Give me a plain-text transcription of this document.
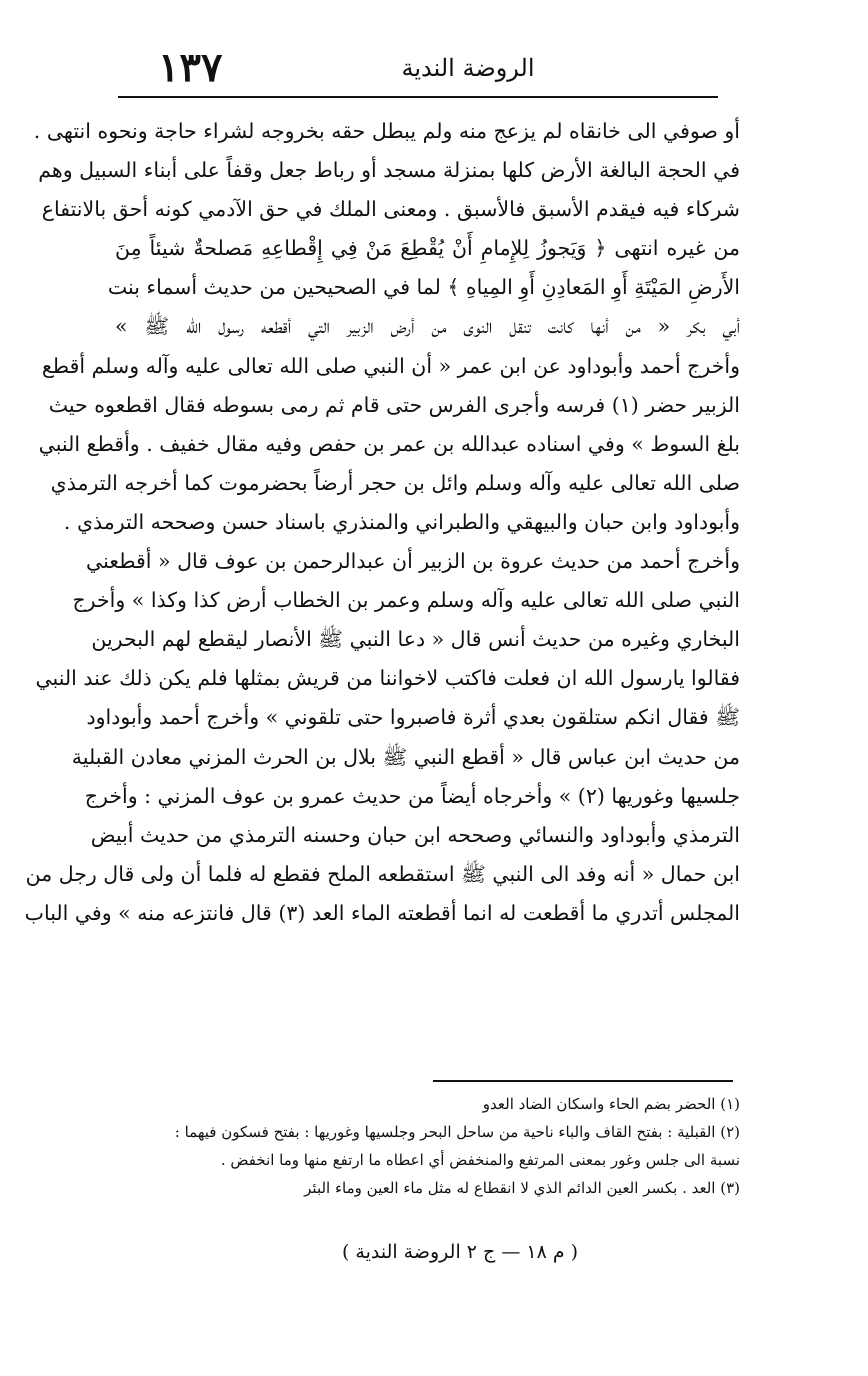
١٣٧	الروضة الندية
أو صوفي الى خانقاه لم يزعج منه ولم يبطل حقه بخروجه لشراء حاجة ونحوه انتهى .
في الحجة البالغة الأرض كلها بمنزلة مسجد أو رباط جعل وقفاً على أبناء السبيل وهم
شركاء فيه فيقدم الأسبق فالأسبق . ومعنى الملك في حق الآدمي كونه أحق بالانتفاع
من غيره انتهى ﴿ وَيَجوزُ لِلإِمامِ أَنْ يُقْطِعَ مَنْ فِي إِقْطاعِهِ مَصلحةٌ شيئاً مِنَ
الأَرضِ المَيْتَةِ أَوِ المَعادِنِ أَوِ المِياهِ ﴾ لما في الصحيحين من حديث أسماء بنت
أبي بكر « من أنها كانت تنقل النوى من أرض الزبير التي أقطعه رسول الله ﷺ »
وأخرج أحمد وأبوداود عن ابن عمر « أن النبي صلى الله تعالى عليه وآله وسلم أقطع
الزبير حضر (١) فرسه وأجرى الفرس حتى قام ثم رمى بسوطه فقال اقطعوه حيث
بلغ السوط » وفي اسناده عبدالله بن عمر بن حفص وفيه مقال خفيف . وأقطع النبي
صلى الله تعالى عليه وآله وسلم وائل بن حجر أرضاً بحضرموت كما أخرجه الترمذي
وأبوداود وابن حبان والبيهقي والطبراني والمنذري باسناد حسن وصححه الترمذي .
وأخرج أحمد من حديث عروة بن الزبير أن عبدالرحمن بن عوف قال « أقطعني
النبي صلى الله تعالى عليه وآله وسلم وعمر بن الخطاب أرض كذا وكذا » وأخرج
البخاري وغيره من حديث أنس قال « دعا النبي ﷺ الأنصار ليقطع لهم البحرين
فقالوا يارسول الله ان فعلت فاكتب لاخواننا من قريش بمثلها فلم يكن ذلك عند النبي
ﷺ فقال انكم ستلقون بعدي أثرة فاصبروا حتى تلقوني » وأخرج أحمد وأبوداود
من حديث ابن عباس قال « أقطع النبي ﷺ بلال بن الحرث المزني معادن القبلية
جلسيها وغوريها (٢) » وأخرجاه أيضاً من حديث عمرو بن عوف المزني : وأخرج
الترمذي وأبوداود والنسائي وصححه ابن حبان وحسنه الترمذي من حديث أبيض
ابن حمال « أنه وفد الى النبي ﷺ استقطعه الملح فقطع له فلما أن ولى قال رجل من
المجلس أتدري ما أقطعت له انما أقطعته الماء العد (٣) قال فانتزعه منه » وفي الباب
(١) الحضر بضم الحاء واسكان الضاد العدو
(٢) القبلية : بفتح القاف والباء ناحية من ساحل البحر وجلسيها وغوريها : بفتح فسكون فيهما :
نسبة الى جلس وغور بمعنى المرتفع والمنخفض أي اعطاه ما ارتفع منها وما انخفض .
(٣) العد . بكسر العين الدائم الذي لا انقطاع له مثل ماء العين وماء البئر
( م ١٨ — ج ٢ الروضة الندية )
